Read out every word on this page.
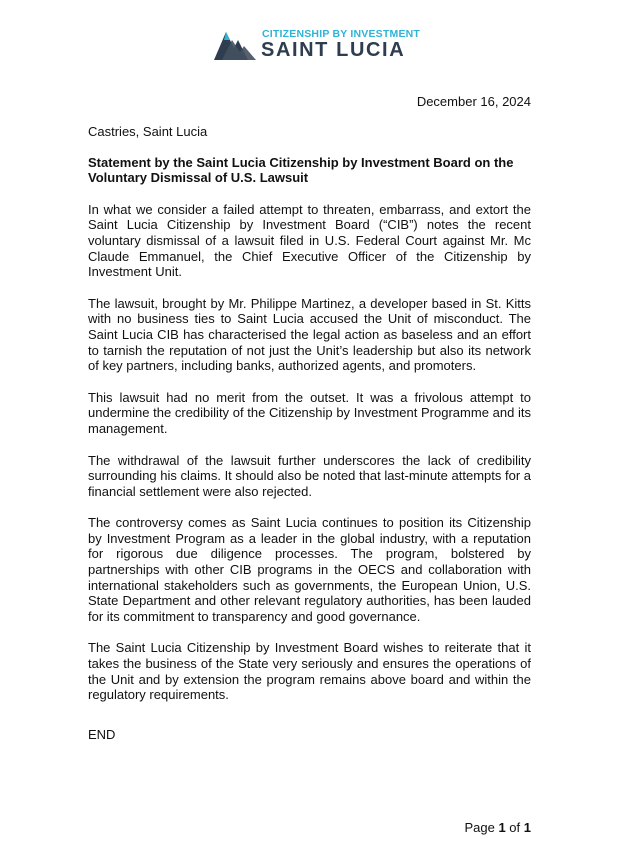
CITIZENSHIP BY INVESTMENT
SAINT LUCIA
December 16, 2024

Castries, Saint Lucia

Statement by the Saint Lucia Citizenship by Investment Board on the Voluntary Dismissal of U.S. Lawsuit

In what we consider a failed attempt to threaten, embarrass, and extort the Saint Lucia Citizenship by Investment Board (“CIB”) notes the recent voluntary dismissal of a lawsuit filed in U.S. Federal Court against Mr. Mc Claude Emmanuel, the Chief Executive Officer of the Citizenship by Investment Unit.

The lawsuit, brought by Mr. Philippe Martinez, a developer based in St. Kitts with no business ties to Saint Lucia accused the Unit of misconduct. The Saint Lucia CIB has characterised the legal action as baseless and an effort to tarnish the reputation of not just the Unit’s leadership but also its network of key partners, including banks, authorized agents, and promoters.

This lawsuit had no merit from the outset. It was a frivolous attempt to undermine the credibility of the Citizenship by Investment Programme and its management.

The withdrawal of the lawsuit further underscores the lack of credibility surrounding his claims. It should also be noted that last-minute attempts for a financial settlement were also rejected.

The controversy comes as Saint Lucia continues to position its Citizenship by Investment Program as a leader in the global industry, with a reputation for rigorous due diligence processes. The program, bolstered by partnerships with other CIB programs in the OECS and collaboration with international stakeholders such as governments, the European Union, U.S. State Department and other relevant regulatory authorities, has been lauded for its commitment to transparency and good governance.

The Saint Lucia Citizenship by Investment Board wishes to reiterate that it takes the business of the State very seriously and ensures the operations of the Unit and by extension the program remains above board and within the regulatory requirements.

END

Page 1 of 1
